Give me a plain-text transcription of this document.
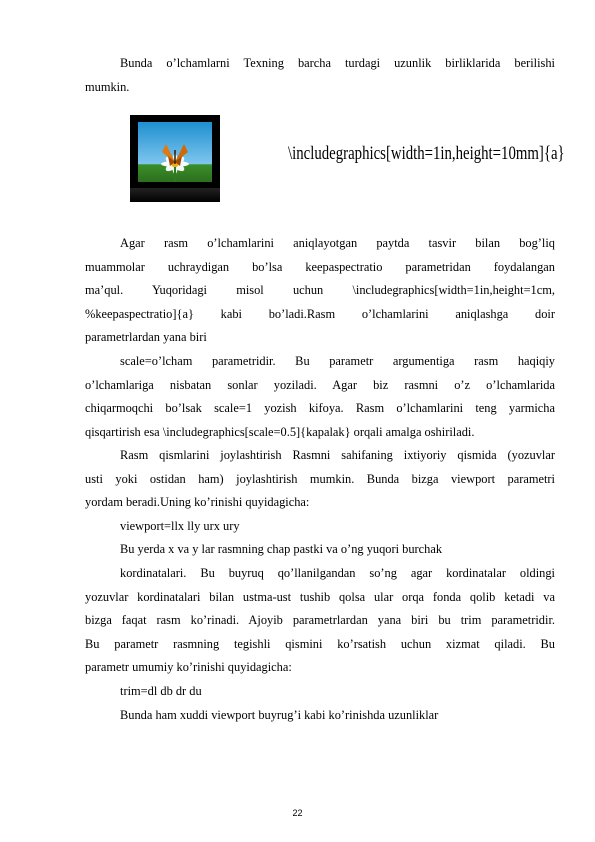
Bunda o’lchamlarni Texning barcha turdagi uzunlik birliklarida berilishi
mumkin.
\includegraphics[width=1in,height=10mm]{a}
Agar rasm o’lchamlarini aniqlayotgan paytda tasvir bilan bog’liq
muammolar uchraydigan bo’lsa keepaspectratio parametridan foydalangan
ma’qul. Yuqoridagi misol uchun \includegraphics[width=1in,height=1cm,
%keepaspectratio]{a} kabi bo’ladi.Rasm o’lchamlarini aniqlashga doir
parametrlardan yana biri
scale=o’lcham parametridir. Bu parametr argumentiga rasm haqiqiy
o’lchamlariga nisbatan sonlar yoziladi. Agar biz rasmni o’z o’lchamlarida
chiqarmoqchi bo’lsak scale=1 yozish kifoya. Rasm o’lchamlarini teng yarmicha
qisqartirish esa \includegraphics[scale=0.5]{kapalak} orqali amalga oshiriladi.
Rasm qismlarini joylashtirish Rasmni sahifaning ixtiyoriy qismida (yozuvlar
usti yoki ostidan ham) joylashtirish mumkin. Bunda bizga viewport parametri
yordam beradi.Uning ko’rinishi quyidagicha:
viewport=llx lly urx ury
Bu yerda x va y lar rasmning chap pastki va o’ng yuqori burchak
kordinatalari. Bu buyruq qo’llanilgandan so’ng agar kordinatalar oldingi
yozuvlar kordinatalari bilan ustma-ust tushib qolsa ular orqa fonda qolib ketadi va
bizga faqat rasm ko’rinadi. Ajoyib parametrlardan yana biri bu trim parametridir.
Bu parametr rasmning tegishli qismini ko’rsatish uchun xizmat qiladi. Bu
parametr umumiy ko’rinishi quyidagicha:
trim=dl db dr du
Bunda ham xuddi viewport buyrug’i kabi ko’rinishda uzunliklar
22
